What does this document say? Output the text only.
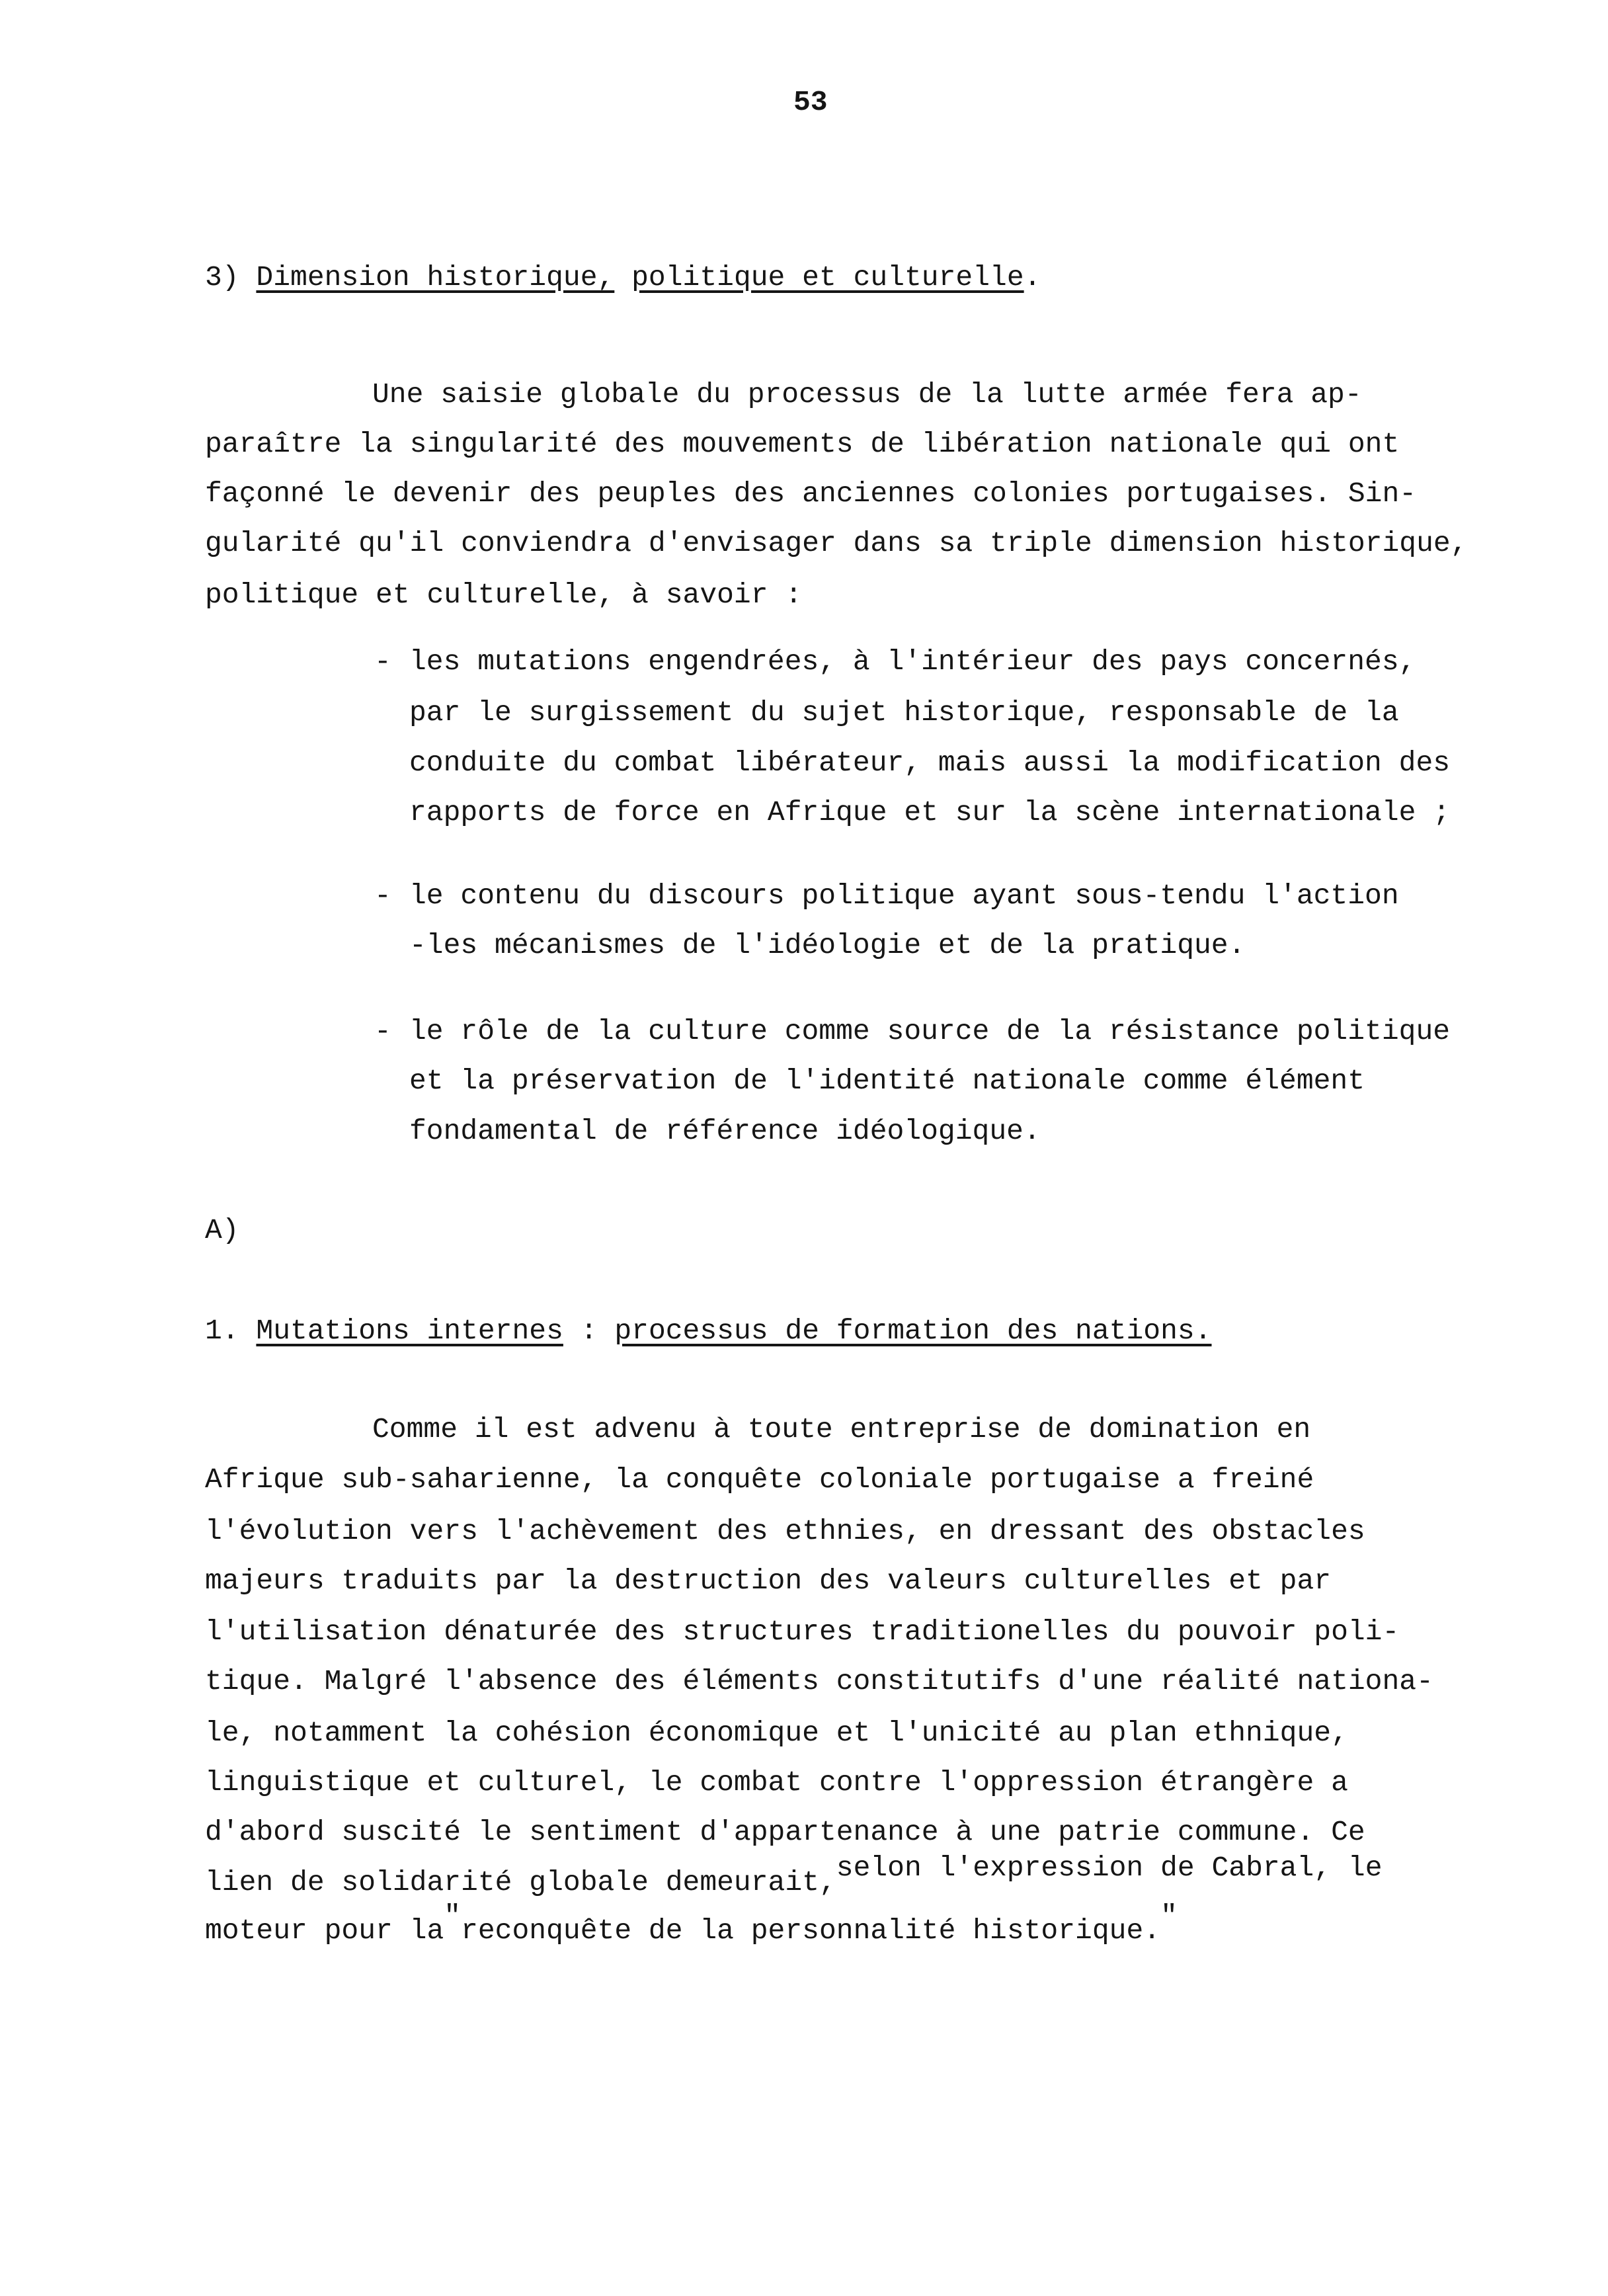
53
3) Dimension historique, politique et culturelle.
Une saisie globale du processus de la lutte armée fera ap-
paraître la singularité des mouvements de libération nationale qui ont
façonné le devenir des peuples des anciennes colonies portugaises. Sin-
gularité qu'il conviendra d'envisager dans sa triple dimension historique,
politique et culturelle, à savoir :
- les mutations engendrées, à l'intérieur des pays concernés,
par le surgissement du sujet historique, responsable de la
conduite du combat libérateur, mais aussi la modification des
rapports de force en Afrique et sur la scène internationale ;
- le contenu du discours politique ayant sous-tendu l'action
-les mécanismes de l'idéologie et de la pratique.
- le rôle de la culture comme source de la résistance politique
et la préservation de l'identité nationale comme élément
fondamental de référence idéologique.
A)
1. Mutations internes : processus de formation des nations.
Comme il est advenu à toute entreprise de domination en
Afrique sub-saharienne, la conquête coloniale portugaise a freiné
l'évolution vers l'achèvement des ethnies, en dressant des obstacles
majeurs traduits par la destruction des valeurs culturelles et par
l'utilisation dénaturée des structures traditionelles du pouvoir poli-
tique. Malgré l'absence des éléments constitutifs d'une réalité nationa-
le, notamment la cohésion économique et l'unicité au plan ethnique,
linguistique et culturel, le combat contre l'oppression étrangère a
d'abord suscité le sentiment d'appartenance à une patrie commune. Ce
lien de solidarité globale demeurait,selon l'expression de Cabral, le
moteur pour la"reconquête de la personnalité historique."
